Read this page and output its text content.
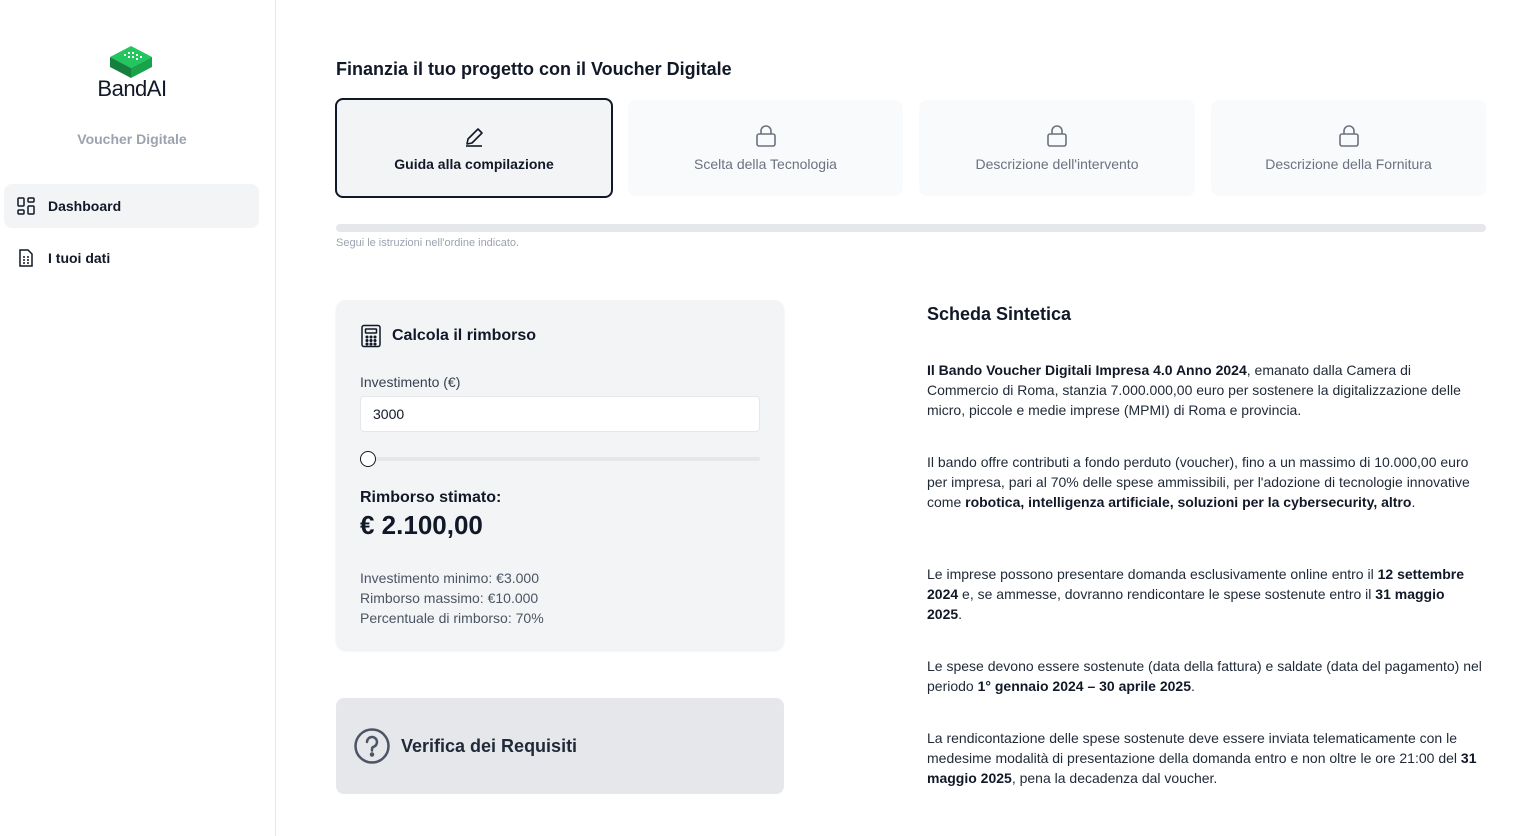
BandAI
Voucher Digitale
Dashboard
I tuoi dati
Finanzia il tuo progetto con il Voucher Digitale
Guida alla compilazione	Scelta della Tecnologia	Descrizione dell'intervento	Descrizione della Fornitura
Segui le istruzioni nell'ordine indicato.
Calcola il rimborso
Investimento (€)
3000
Rimborso stimato:
€ 2.100,00
Investimento minimo: €3.000
Rimborso massimo: €10.000
Percentuale di rimborso: 70%
Verifica dei Requisiti
Scheda Sintetica

Il Bando Voucher Digitali Impresa 4.0 Anno 2024, emanato dalla Camera di Commercio di Roma, stanzia 7.000.000,00 euro per sostenere la digitalizzazione delle micro, piccole e medie imprese (MPMI) di Roma e provincia.

Il bando offre contributi a fondo perduto (voucher), fino a un massimo di 10.000,00 euro per impresa, pari al 70% delle spese ammissibili, per l'adozione di tecnologie innovative come robotica, intelligenza artificiale, soluzioni per la cybersecurity, altro.

Le imprese possono presentare domanda esclusivamente online entro il 12 settembre 2024 e, se ammesse, dovranno rendicontare le spese sostenute entro il 31 maggio 2025.

Le spese devono essere sostenute (data della fattura) e saldate (data del pagamento) nel periodo 1° gennaio 2024 – 30 aprile 2025.

La rendicontazione delle spese sostenute deve essere inviata telematicamente con le medesime modalità di presentazione della domanda entro e non oltre le ore 21:00 del 31 maggio 2025, pena la decadenza dal voucher.
